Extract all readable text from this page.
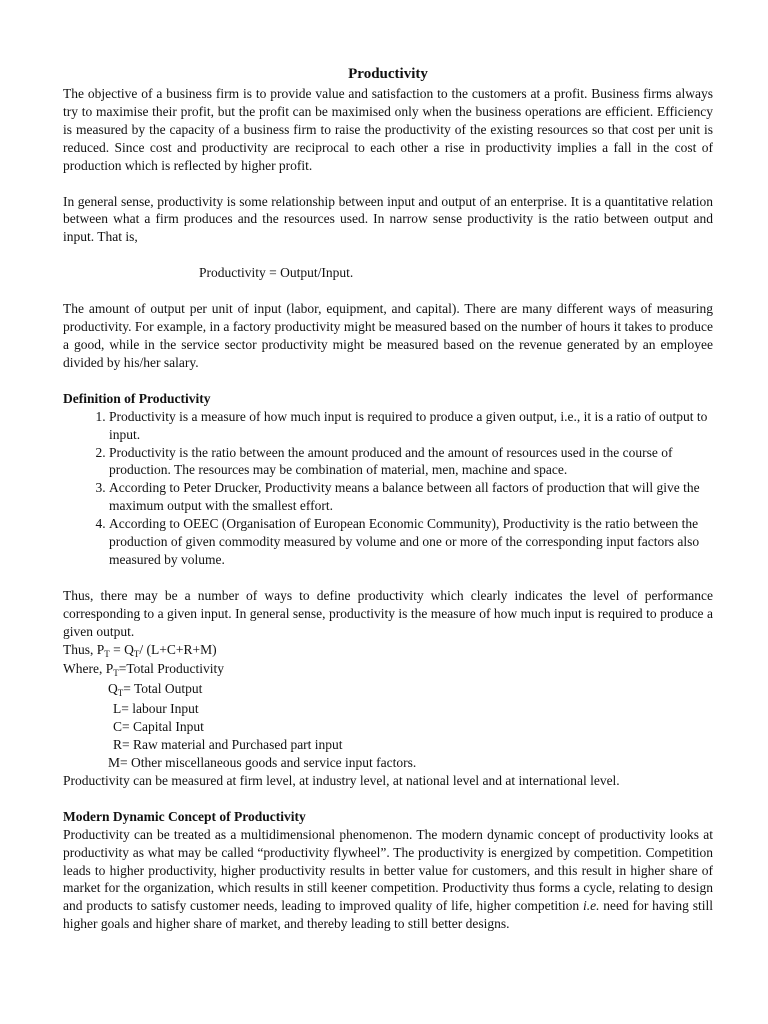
Productivity

The objective of a business firm is to provide value and satisfaction to the customers at a profit. Business firms always try to maximise their profit, but the profit can be maximised only when the business operations are efficient. Efficiency is measured by the capacity of a business firm to raise the productivity of the existing resources so that cost per unit is reduced. Since cost and productivity are reciprocal to each other a rise in productivity implies a fall in the cost of production which is reflected by higher profit.

In general sense, productivity is some relationship between input and output of an enterprise. It is a quantitative relation between what a firm produces and the resources used. In narrow sense productivity is the ratio between output and input. That is,

Productivity = Output/Input.

The amount of output per unit of input (labor, equipment, and capital). There are many different ways of measuring productivity. For example, in a factory productivity might be measured based on the number of hours it takes to produce a good, while in the service sector productivity might be measured based on the revenue generated by an employee divided by his/her salary.

Definition of Productivity

1. Productivity is a measure of how much input is required to produce a given output, i.e., it is a ratio of output to input.
2. Productivity is the ratio between the amount produced and the amount of resources used in the course of production. The resources may be combination of material, men, machine and space.
3. According to Peter Drucker, Productivity means a balance between all factors of production that will give the maximum output with the smallest effort.
4. According to OEEC (Organisation of European Economic Community), Productivity is the ratio between the production of given commodity measured by volume and one or more of the corresponding input factors also measured by volume.

Thus, there may be a number of ways to define productivity which clearly indicates the level of performance corresponding to a given input. In general sense, productivity is the measure of how much input is required to produce a given output.

Thus, $P_T = Q_T/$ (L+C+R+M)

Where, $P_T=Total$ Productivity

$Q_T=$ Total Output

L= labour Input

C= Capital Input

R= Raw material and Purchased part input

M= Other miscellaneous goods and service input factors.

Productivity can be measured at firm level, at industry level, at national level and at international level.

Modern Dynamic Concept of Productivity

Productivity can be treated as a multidimensional phenomenon. The modern dynamic concept of productivity looks at productivity as what may be called “productivity flywheel”. The productivity is energized by competition. Competition leads to higher productivity, higher productivity results in better value for customers, and this result in higher share of market for the organization, which results in still keener competition. Productivity thus forms a cycle, relating to design and products to satisfy customer needs, leading to improved quality of life, higher competition i.e. need for having still higher goals and higher share of market, and thereby leading to still better designs.
